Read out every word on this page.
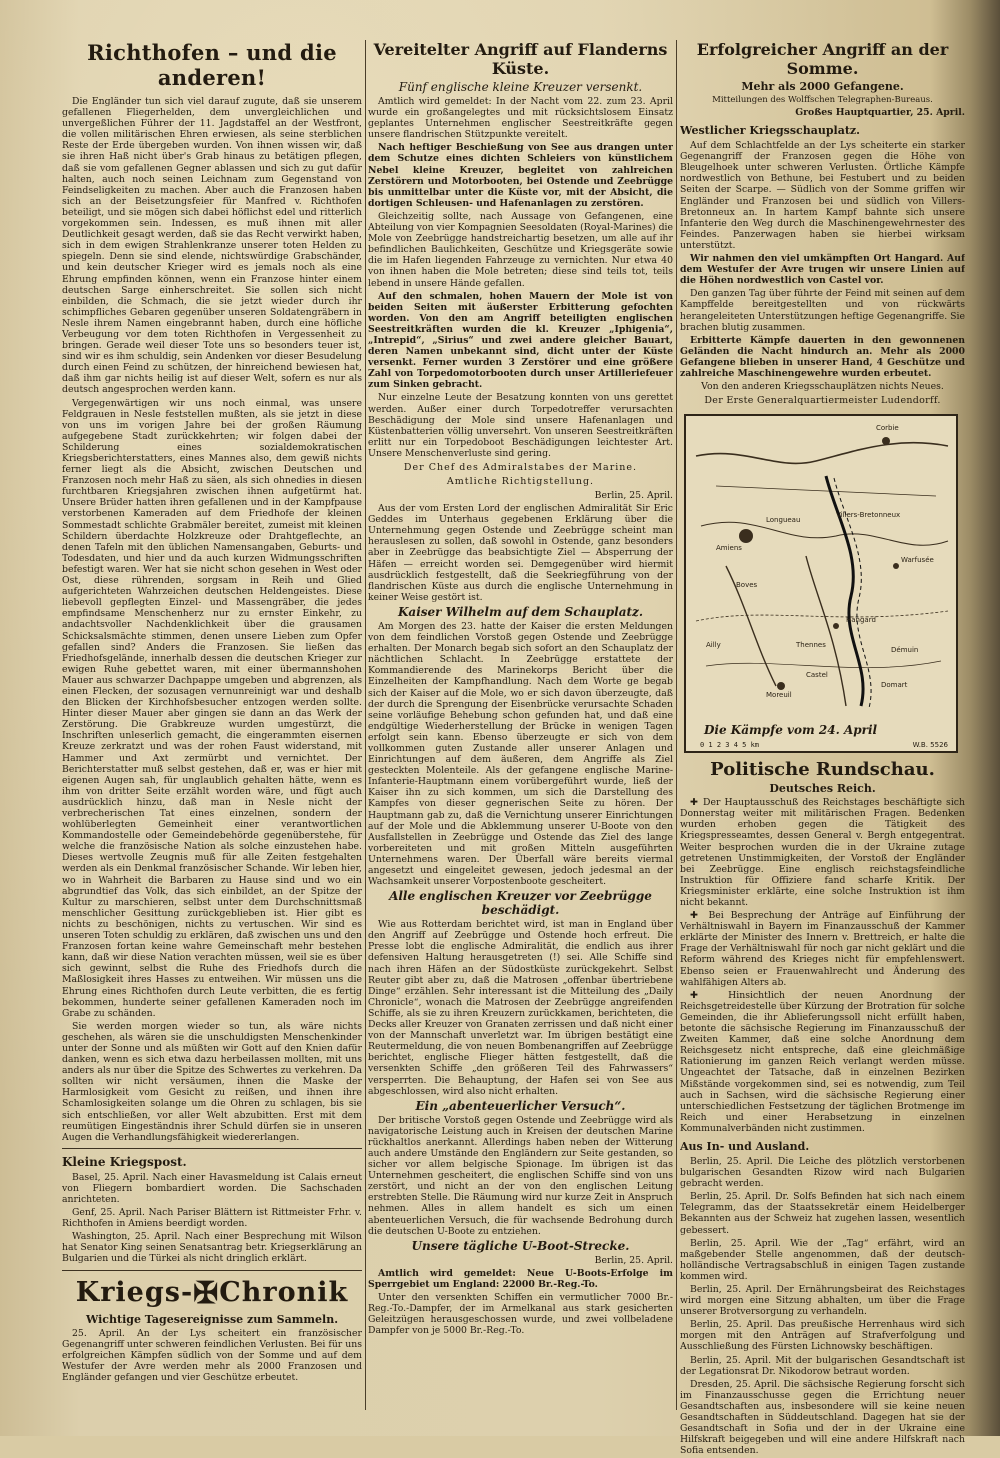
Richthofen – und die anderen!

Die Engländer tun sich viel darauf zugute, daß sie unserem gefallenen Fliegerhelden, dem unvergleichlichen und unvergeßlichen Führer der 11. Jagdstaffel an der Westfront, die vollen militärischen Ehren erwiesen, als seine sterblichen Reste der Erde übergeben wurden. Von ihnen wissen wir, daß sie ihren Haß nicht über's Grab hinaus zu betätigen pflegen, daß sie vom gefallenen Gegner ablassen und sich zu gut dafür halten, auch noch seinen Leichnam zum Gegenstand von Feindseligkeiten zu machen. Aber auch die Franzosen haben sich an der Beisetzungsfeier für Manfred v. Richthofen beteiligt, und sie mögen sich dabei höflichst edel und ritterlich vorgekommen sein. Indessen, es muß ihnen mit aller Deutlichkeit gesagt werden, daß sie das Recht verwirkt haben, sich in dem ewigen Strahlenkranze unserer toten Helden zu spiegeln. Denn sie sind elende, nichtswürdige Grabschänder, und kein deutscher Krieger wird es jemals noch als eine Ehrung empfinden können, wenn ein Franzose hinter einem deutschen Sarge einherschreitet. Sie sollen sich nicht einbilden, die Schmach, die sie jetzt wieder durch ihr schimpfliches Gebaren gegenüber unseren Soldatengräbern in Nesle ihrem Namen eingebrannt haben, durch eine höfliche Verbeugung vor dem toten Richthofen in Vergessenheit zu bringen. Gerade weil dieser Tote uns so besonders teuer ist, sind wir es ihm schuldig, sein Andenken vor dieser Besudelung durch einen Feind zu schützen, der hinreichend bewiesen hat, daß ihm gar nichts heilig ist auf dieser Welt, sofern es nur als deutsch angesprochen werden kann.

Vergegenwärtigen wir uns noch einmal, was unsere Feldgrauen in Nesle feststellen mußten, als sie jetzt in diese von uns im vorigen Jahre bei der großen Räumung aufgegebene Stadt zurückkehrten; wir folgen dabei der Schilderung eines sozialdemokratischen Kriegsberichterstatters, eines Mannes also, dem gewiß nichts ferner liegt als die Absicht, zwischen Deutschen und Franzosen noch mehr Haß zu säen, als sich ohnedies in diesen furchtbaren Kriegsjahren zwischen ihnen aufgetürmt hat. Unsere Brüder hatten ihren gefallenen und in der Kampfpause verstorbenen Kameraden auf dem Friedhofe der kleinen Sommestadt schlichte Grabmäler bereitet, zumeist mit kleinen Schildern überdachte Holzkreuze oder Drahtgeflechte, an denen Tafeln mit den üblichen Namensangaben, Geburts- und Todesdaten, und hier und da auch kurzen Widmungsschriften befestigt waren. Wer hat sie nicht schon gesehen in West oder Ost, diese rührenden, sorgsam in Reih und Glied aufgerichteten Wahrzeichen deutschen Heldengeistes. Diese liebevoll gepflegten Einzel- und Massengräber, die jedes empfindsame Menschenherz nur zu ernster Einkehr, zu andachtsvoller Nachdenklichkeit über die grausamen Schicksalsmächte stimmen, denen unsere Lieben zum Opfer gefallen sind? Anders die Franzosen. Sie ließen das Friedhofsgelände, innerhalb dessen die deutschen Krieger zur ewigen Ruhe gebettet waren, mit einer übermannshohen Mauer aus schwarzer Dachpappe umgeben und abgrenzen, als einen Flecken, der sozusagen vernunreinigt war und deshalb den Blicken der Kirchhofsbesucher entzogen werden sollte. Hinter dieser Mauer aber gingen sie dann an das Werk der Zerstörung. Die Grabkreuze wurden umgestürzt, die Inschriften unleserlich gemacht, die eingerammten eisernen Kreuze zerkratzt und was der rohen Faust widerstand, mit Hammer und Axt zermürbt und vernichtet. Der Berichterstatter muß selbst gestehen, daß er, was er hier mit eigenen Augen sah, für unglaublich gehalten hätte, wenn es ihm von dritter Seite erzählt worden wäre, und fügt auch ausdrücklich hinzu, daß man in Nesle nicht der verbrecherischen Tat eines einzelnen, sondern der wohlüberlegten Gemeinheit einer verantwortlichen Kommandostelle oder Gemeindebehörde gegenüberstehe, für welche die französische Nation als solche einzustehen habe. Dieses wertvolle Zeugnis muß für alle Zeiten festgehalten werden als ein Denkmal französischer Schande. Wir leben hier, wo in Wahrheit die Barbaren zu Hause sind und wo ein abgrundtief das Volk, das sich einbildet, an der Spitze der Kultur zu marschieren, selbst unter dem Durchschnittsmaß menschlicher Gesittung zurückgeblieben ist. Hier gibt es nichts zu beschönigen, nichts zu vertuschen. Wir sind es unseren Toten schuldig zu erklären, daß zwischen uns und den Franzosen fortan keine wahre Gemeinschaft mehr bestehen kann, daß wir diese Nation verachten müssen, weil sie es über sich gewinnt, selbst die Ruhe des Friedhofs durch die Maßlosigkeit ihres Hasses zu entweihen. Wir müssen uns die Ehrung eines Richthofen durch Leute verbitten, die es fertig bekommen, hunderte seiner gefallenen Kameraden noch im Grabe zu schänden.

Sie werden morgen wieder so tun, als wäre nichts geschehen, als wären sie die unschuldigsten Menschenkinder unter der Sonne und als müßten wir Gott auf den Knien dafür danken, wenn es sich etwa dazu herbeilassen mollten, mit uns anders als nur über die Spitze des Schwertes zu verkehren. Da sollten wir nicht versäumen, ihnen die Maske der Harmlosigkeit vom Gesicht zu reißen, und ihnen ihre Schamlosigkeiten solange um die Ohren zu schlagen, bis sie sich entschließen, vor aller Welt abzubitten. Erst mit dem reumütigen Eingeständnis ihrer Schuld dürfen sie in unseren Augen die Verhandlungsfähigkeit wiedererlangen.

Kleine Kriegspost.

Basel, 25. April. Nach einer Havasmeldung ist Calais erneut von Fliegern bombardiert worden. Die Sachschaden anrichteten.

Genf, 25. April. Nach Pariser Blättern ist Rittmeister Frhr. v. Richthofen in Amiens beerdigt worden.

Washington, 25. April. Nach einer Besprechung mit Wilson hat Senator King seinen Senatsantrag betr. Kriegserklärung an Bulgarien und die Türkei als nicht dringlich erklärt.

Kriegs-✠Chronik
Wichtige Tagesereignisse zum Sammeln.

25. April. An der Lys scheitert ein französischer Gegenangriff unter schweren feindlichen Verlusten. Bei für uns erfolgreichen Kämpfen südlich von der Somme und auf dem Westufer der Avre werden mehr als 2000 Franzosen und Engländer gefangen und vier Geschütze erbeutet.

Vereitelter Angriff auf Flanderns Küste.
Fünf englische kleine Kreuzer versenkt.

Amtlich wird gemeldet: In der Nacht vom 22. zum 23. April wurde ein großangelegtes und mit rücksichtslosem Einsatz geplantes Unternehmen englischer Seestreitkräfte gegen unsere flandrischen Stützpunkte vereitelt.

Nach heftiger Beschießung von See aus drangen unter dem Schutze eines dichten Schleiers von künstlichem Nebel kleine Kreuzer, begleitet von zahlreichen Zerstörern und Motorbooten, bei Ostende und Zeebrügge bis unmittelbar unter die Küste vor, mit der Absicht, die dortigen Schleusen- und Hafenanlagen zu zerstören.

Gleichzeitig sollte, nach Aussage von Gefangenen, eine Abteilung von vier Kompagnien Seesoldaten (Royal-Marines) die Mole von Zeebrügge handstreichartig besetzen, um alle auf ihr befindlichen Baulichkeiten, Geschütze und Kriegsgeräte sowie die im Hafen liegenden Fahrzeuge zu vernichten. Nur etwa 40 von ihnen haben die Mole betreten; diese sind teils tot, teils lebend in unsere Hände gefallen.

Auf den schmalen, hohen Mauern der Mole ist von beiden Seiten mit äußerster Erbitterung gefochten worden. Von den am Angriff beteiligten englischen Seestreitkräften wurden die kl. Kreuzer „Iphigenia“, „Intrepid“, „Sirius“ und zwei andere gleicher Bauart, deren Namen unbekannt sind, dicht unter der Küste versenkt. Ferner wurden 3 Zerstörer und eine größere Zahl von Torpedomotorbooten durch unser Artilleriefeuer zum Sinken gebracht.

Nur einzelne Leute der Besatzung konnten von uns gerettet werden. Außer einer durch Torpedotreffer verursachten Beschädigung der Mole sind unsere Hafenanlagen und Küstenbatterien völlig unversehrt. Von unseren Seestreitkräften erlitt nur ein Torpedoboot Beschädigungen leichtester Art. Unsere Menschenverluste sind gering.

Der Chef des Admiralstabes der Marine.
Amtliche Richtigstellung.

Berlin, 25. April.

Aus der vom Ersten Lord der englischen Admiralität Sir Eric Geddes im Unterhaus gegebenen Erklärung über die Unternehmung gegen Ostende und Zeebrügge scheint man herauslesen zu sollen, daß sowohl in Ostende, ganz besonders aber in Zeebrügge das beabsichtigte Ziel — Absperrung der Häfen — erreicht worden sei. Demgegenüber wird hiermit ausdrücklich festgestellt, daß die Seekriegführung von der flandrischen Küste aus durch die englische Unternehmung in keiner Weise gestört ist.

Kaiser Wilhelm auf dem Schauplatz.

Am Morgen des 23. hatte der Kaiser die ersten Meldungen von dem feindlichen Vorstoß gegen Ostende und Zeebrügge erhalten. Der Monarch begab sich sofort an den Schauplatz der nächtlichen Schlacht. In Zeebrügge erstattete der Kommandierende des Marinekorps Bericht über die Einzelheiten der Kampfhandlung. Nach dem Worte ge begab sich der Kaiser auf die Mole, wo er sich davon überzeugte, daß der durch die Sprengung der Eisenbrücke verursachte Schaden seine vorläufige Behebung schon gefunden hat, und daß eine endgültige Wiederherstellung der Brücke in wenigen Tagen erfolgt sein kann. Ebenso überzeugte er sich von dem vollkommen guten Zustande aller unserer Anlagen und Einrichtungen auf dem äußeren, dem Angriffe als Ziel gesteckten Molenteile. Als der gefangene englische Marine-Infanterie-Hauptmann einem vorübergeführt wurde, ließ der Kaiser ihn zu sich kommen, um sich die Darstellung des Kampfes von dieser gegnerischen Seite zu hören. Der Hauptmann gab zu, daß die Vernichtung unserer Einrichtungen auf der Mole und die Abklemmung unserer U-Boote von den Ausfallstellen in Zeebrügge und Ostende das Ziel des lange vorbereiteten und mit großen Mitteln ausgeführten Unternehmens waren. Der Überfall wäre bereits viermal angesetzt und eingeleitet gewesen, jedoch jedesmal an der Wachsamkeit unserer Vorpostenboote gescheitert.

Alle englischen Kreuzer vor Zeebrügge beschädigt.

Wie aus Rotterdam berichtet wird, ist man in England über den Angriff auf Zeebrügge und Ostende hoch erfreut. Die Presse lobt die englische Admiralität, die endlich aus ihrer defensiven Haltung herausgetreten (!) sei. Alle Schiffe sind nach ihren Häfen an der Südostküste zurückgekehrt. Selbst Reuter gibt aber zu, daß die Matrosen „offenbar übertriebene Dinge“ erzählen. Sehr interessant ist die Mitteilung des „Daily Chronicle“, wonach die Matrosen der Zeebrügge angreifenden Schiffe, als sie zu ihren Kreuzern zurückkamen, berichteten, die Decks aller Kreuzer von Granaten zerrissen und daß nicht einer von der Mannschaft unverletzt war. Im übrigen bestätigt eine Reutermeldung, die von neuen Bombenangriffen auf Zeebrügge berichtet, englische Flieger hätten festgestellt, daß die versenkten Schiffe „den größeren Teil des Fahrwassers“ versperrten. Die Behauptung, der Hafen sei von See aus abgeschlossen, wird also nicht erhalten.

Ein „abenteuerlicher Versuch“.

Der britische Vorstoß gegen Ostende und Zeebrügge wird als navigatorische Leistung auch in Kreisen der deutschen Marine rückhaltlos anerkannt. Allerdings haben neben der Witterung auch andere Umstände den Engländern zur Seite gestanden, so sicher vor allem belgische Spionage. Im übrigen ist das Unternehmen gescheitert, die englischen Schiffe sind von uns zerstört, und nicht an der von den englischen Leitung erstrebten Stelle. Die Räumung wird nur kurze Zeit in Anspruch nehmen. Alles in allem handelt es sich um einen abenteuerlichen Versuch, die für wachsende Bedrohung durch die deutschen U-Boote zu entziehen.

Unsere tägliche U-Boot-Strecke.

Berlin, 25. April.

Amtlich wird gemeldet: Neue U-Boots-Erfolge im Sperrgebiet um England: 22000 Br.-Reg.-To.

Unter den versenkten Schiffen ein vermutlicher 7000 Br.-Reg.-To.-Dampfer, der im Armelkanal aus stark gesicherten Geleitzügen herausgeschossen wurde, und zwei vollbeladene Dampfer von je 5000 Br.-Reg.-To.

Erfolgreicher Angriff an der Somme.
Mehr als 2000 Gefangene.
Mitteilungen des Wolffschen Telegraphen-Bureaus.

Großes Hauptquartier, 25. April.

Westlicher Kriegsschauplatz.

Auf dem Schlachtfelde an der Lys scheiterte ein starker Gegenangriff der Franzosen gegen die Höhe von Bleugelhoek unter schweren Verlusten. Örtliche Kämpfe nordwestlich von Bethune, bei Festubert und zu beiden Seiten der Scarpe. — Südlich von der Somme griffen wir Engländer und Franzosen bei und südlich von Villers-Bretonneux an. In hartem Kampf bahnte sich unsere Infanterie den Weg durch die Maschinengewehrnester des Feindes. Panzerwagen haben sie hierbei wirksam unterstützt.

Wir nahmen den viel umkämpften Ort Hangard. Auf dem Westufer der Avre trugen wir unsere Linien auf die Höhen nordwestlich von Castel vor.

Den ganzen Tag über führte der Feind mit seinen auf dem Kampffelde bereitgestellten und von rückwärts herangeleiteten Unterstützungen heftige Gegenangriffe. Sie brachen blutig zusammen.

Erbitterte Kämpfe dauerten in den gewonnenen Geländen die Nacht hindurch an. Mehr als 2000 Gefangene blieben in unserer Hand, 4 Geschütze und zahlreiche Maschinengewehre wurden erbeutet.

Von den anderen Kriegsschauplätzen nichts Neues.

Der Erste Generalquartiermeister Ludendorff.
Corbie
Amiens
Longueau
Villers-Bretonneux
Warfusée
Boves
Hangard
Thennes
Moreuil
Castel
Ailly
Démuin
Domart
Die Kämpfe vom 24. April
0 1 2 3 4 5 km	W.B. 5526
Politische Rundschau.
Deutsches Reich.

✚ Der Hauptausschuß des Reichstages beschäftigte sich Donnerstag weiter mit militärischen Fragen. Bedenken wurden erhoben gegen die Tätigkeit des Kriegspresseamtes, dessen General v. Bergh entgegentrat. Weiter besprochen wurden die in der Ukraine zutage getretenen Unstimmigkeiten, der Vorstoß der Engländer bei Zeebrügge. Eine englisch reichstagsfeindliche Instruktion für Offiziere fand scharfe Kritik. Der Kriegsminister erklärte, eine solche Instruktion ist ihm nicht bekannt.

✚ Bei Besprechung der Anträge auf Einführung der Verhältniswahl in Bayern im Finanzausschuß der Kammer erklärte der Minister des Innern v. Brettreich, er halte die Frage der Verhältniswahl für noch gar nicht geklärt und die Reform während des Krieges nicht für empfehlenswert. Ebenso seien er Frauenwahlrecht und Änderung des wahlfähigen Alters ab.

✚ Hinsichtlich der neuen Anordnung der Reichsgetreidestelle über Kürzung der Brotration für solche Gemeinden, die ihr Ablieferungssoll nicht erfüllt haben, betonte die sächsische Regierung im Finanzausschuß der Zweiten Kammer, daß eine solche Anordnung dem Reichsgesetz nicht entspreche, daß eine gleichmäßige Rationierung im ganzen Reich verlangt werden müsse. Ungeachtet der Tatsache, daß in einzelnen Bezirken Mißstände vorgekommen sind, sei es notwendig, zum Teil auch in Sachsen, wird die sächsische Regierung einer unterschiedlichen Festsetzung der täglichen Brotmenge im Reich und einer Herabsetzung in einzelnen Kommunalverbänden nicht zustimmen.

Aus In- und Ausland.

Berlin, 25. April. Die Leiche des plötzlich verstorbenen bulgarischen Gesandten Rizow wird nach Bulgarien gebracht werden.

Berlin, 25. April. Dr. Solfs Befinden hat sich nach einem Telegramm, das der Staatssekretär einem Heidelberger Bekannten aus der Schweiz hat zugehen lassen, wesentlich gebessert.

Berlin, 25. April. Wie der „Tag“ erfährt, wird an maßgebender Stelle angenommen, daß der deutsch-holländische Vertragsabschluß in einigen Tagen zustande kommen wird.

Berlin, 25. April. Der Ernährungsbeirat des Reichstages wird morgen eine Sitzung abhalten, um über die Frage unserer Brotversorgung zu verhandeln.

Berlin, 25. April. Das preußische Herrenhaus wird sich morgen mit den Anträgen auf Strafverfolgung und Ausschließung des Fürsten Lichnowsky beschäftigen.

Berlin, 25. April. Mit der bulgarischen Gesandtschaft ist der Legationsrat Dr. Nikodorow betraut worden.

Dresden, 25. April. Die sächsische Regierung forscht sich im Finanzausschusse gegen die Errichtung neuer Gesandtschaften aus, insbesondere will sie keine neuen Gesandtschaften in Süddeutschland. Dagegen hat sie der Gesandtschaft in Sofia und der in der Ukraine eine Hilfskraft beigegeben und will eine andere Hilfskraft nach Sofia entsenden.
